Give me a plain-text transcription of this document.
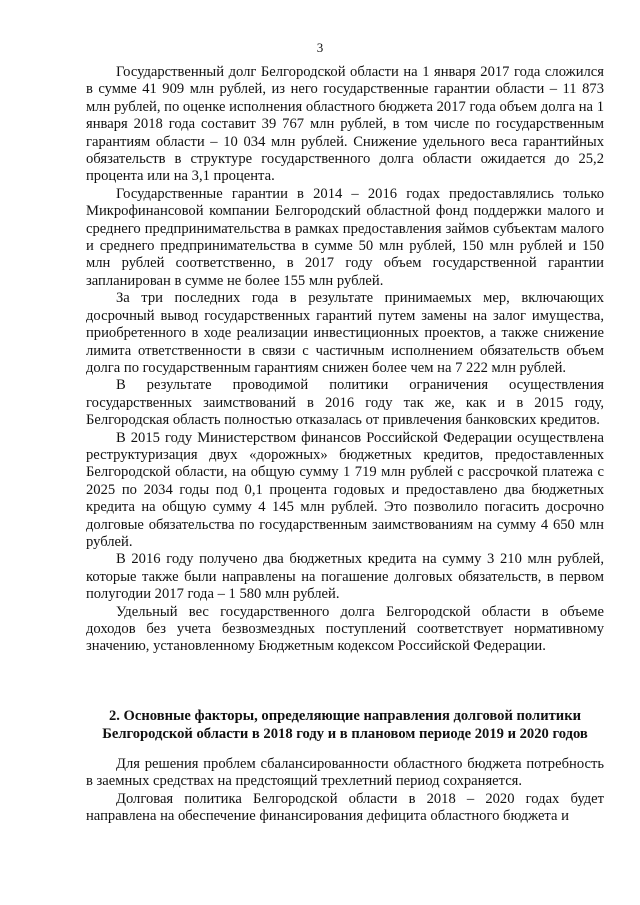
3

Государственный долг Белгородской области на 1 января 2017 года сложился в сумме 41 909 млн рублей, из него государственные гарантии области – 11 873 млн рублей, по оценке исполнения областного бюджета 2017 года объем долга на 1 января 2018 года составит 39 767 млн рублей, в том числе по государственным гарантиям области – 10 034 млн рублей. Снижение удельного веса гарантийных обязательств в структуре государственного долга области ожидается до 25,2 процента или на 3,1 процента.

Государственные гарантии в 2014 – 2016 годах предоставлялись только Микрофинансовой компании Белгородский областной фонд поддержки малого и среднего предпринимательства в рамках предоставления займов субъектам малого и среднего предпринимательства в сумме 50 млн рублей, 150 млн рублей и 150 млн рублей соответственно, в 2017 году объем государственной гарантии запланирован в сумме не более 155 млн рублей.

За три последних года в результате принимаемых мер, включающих досрочный вывод государственных гарантий путем замены на залог имущества, приобретенного в ходе реализации инвестиционных проектов, а также снижение лимита ответственности в связи с частичным исполнением обязательств объем долга по государственным гарантиям снижен более чем на 7 222 млн рублей.

В результате проводимой политики ограничения осуществления государственных заимствований в 2016 году так же, как и в 2015 году, Белгородская область полностью отказалась от привлечения банковских кредитов.

В 2015 году Министерством финансов Российской Федерации осуществлена реструктуризация двух «дорожных» бюджетных кредитов, предоставленных Белгородской области, на общую сумму 1 719 млн рублей с рассрочкой платежа с 2025 по 2034 годы под 0,1 процента годовых и предоставлено два бюджетных кредита на общую сумму 4 145 млн рублей. Это позволило погасить досрочно долговые обязательства по государственным заимствованиям на сумму 4 650 млн рублей.

В 2016 году получено два бюджетных кредита на сумму 3 210 млн рублей, которые также были направлены на погашение долговых обязательств, в первом полугодии 2017 года – 1 580 млн рублей.

Удельный вес государственного долга Белгородской области в объеме доходов без учета безвозмездных поступлений соответствует нормативному значению, установленному Бюджетным кодексом Российской Федерации.

2. Основные факторы, определяющие направления долговой политики Белгородской области в 2018 году и в плановом периоде 2019 и 2020 годов

Для решения проблем сбалансированности областного бюджета потребность в заемных средствах на предстоящий трехлетний период сохраняется.

Долговая политика Белгородской области в 2018 – 2020 годах будет направлена на обеспечение финансирования дефицита областного бюджета и
